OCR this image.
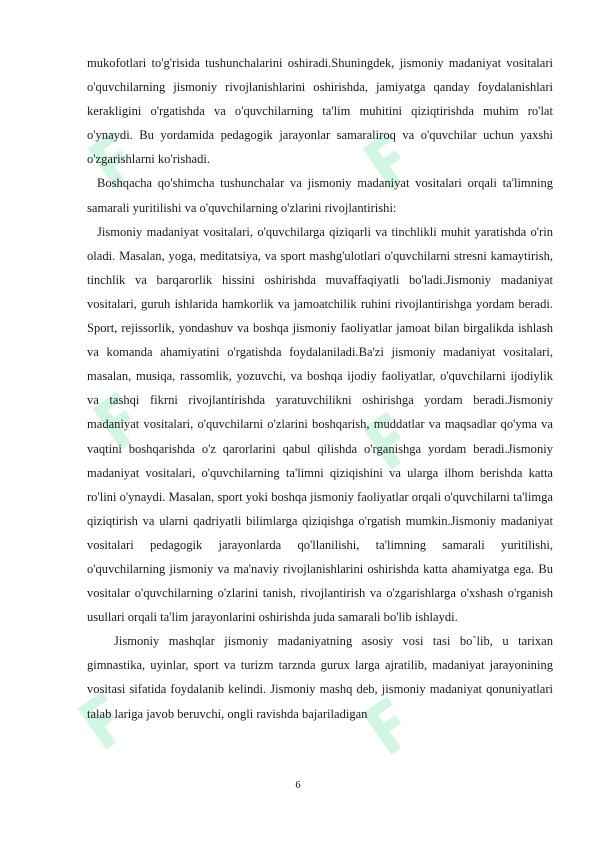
mukofotlari to'g'risida tushunchalarini oshiradi.Shuningdek, jismoniy madaniyat vositalari o'quvchilarning jismoniy rivojlanishlarini oshirishda, jamiyatga qanday foydalanishlari kerakligini o'rgatishda va o'quvchilarning ta'lim muhitini qiziqtirishda muhim ro'lat o'ynaydi. Bu yordamida pedagogik jarayonlar samaraliroq va o'quvchilar uchun yaxshi o'zgarishlarni ko'rishadi.

Boshqacha qo'shimcha tushunchalar va jismoniy madaniyat vositalari orqali ta'limning samarali yuritilishi va o'quvchilarning o'zlarini rivojlantirishi:

Jismoniy madaniyat vositalari, o'quvchilarga qiziqarli va tinchlikli muhit yaratishda o'rin oladi. Masalan, yoga, meditatsiya, va sport mashg'ulotlari o'quvchilarni stresni kamaytirish, tinchlik va barqarorlik hissini oshirishda muvaffaqiyatli bo'ladi.Jismoniy madaniyat vositalari, guruh ishlarida hamkorlik va jamoatchilik ruhini rivojlantirishga yordam beradi. Sport, rejissorlik, yondashuv va boshqa jismoniy faoliyatlar jamoat bilan birgalikda ishlash va komanda ahamiyatini o'rgatishda foydalaniladi.Ba'zi jismoniy madaniyat vositalari, masalan, musiqa, rassomlik, yozuvchi, va boshqa ijodiy faoliyatlar, o'quvchilarni ijodiylik va tashqi fikrni rivojlantirishda yaratuvchilikni oshirishga yordam beradi.Jismoniy madaniyat vositalari, o'quvchilarni o'zlarini boshqarish, muddatlar va maqsadlar qo'yma va vaqtini boshqarishda o'z qarorlarini qabul qilishda o'rganishga yordam beradi.Jismoniy madaniyat vositalari, o'quvchilarning ta'limni qiziqishini va ularga ilhom berishda katta ro'lini o'ynaydi. Masalan, sport yoki boshqa jismoniy faoliyatlar orqali o'quvchilarni ta'limga qiziqtirish va ularni qadriyatli bilimlarga qiziqishga o'rgatish mumkin.Jismoniy madaniyat vositalari pedagogik jarayonlarda qo'llanilishi, ta'limning samarali yuritilishi, o'quvchilarning jismoniy va ma'naviy rivojlanishlarini oshirishda katta ahamiyatga ega. Bu vositalar o'quvchilarning o'zlarini tanish, rivojlantirish va o'zgarishlarga o'xshash o'rganish usullari orqali ta'lim jarayonlarini oshirishda juda samarali bo'lib ishlaydi.

Jismoniy mashqlar jismoniy madaniyatning asosiy vosi tasi bo`lib, u tarixan gimnastika, uyinlar, sport va turizm tarznda gurux larga ajratilib, madaniyat jarayonining vositasi sifatida foydalanib kelindi. Jismoniy mashq deb, jismoniy madaniyat qonuniyatlari talab lariga javob beruvchi, ongli ravishda bajariladigan

6
